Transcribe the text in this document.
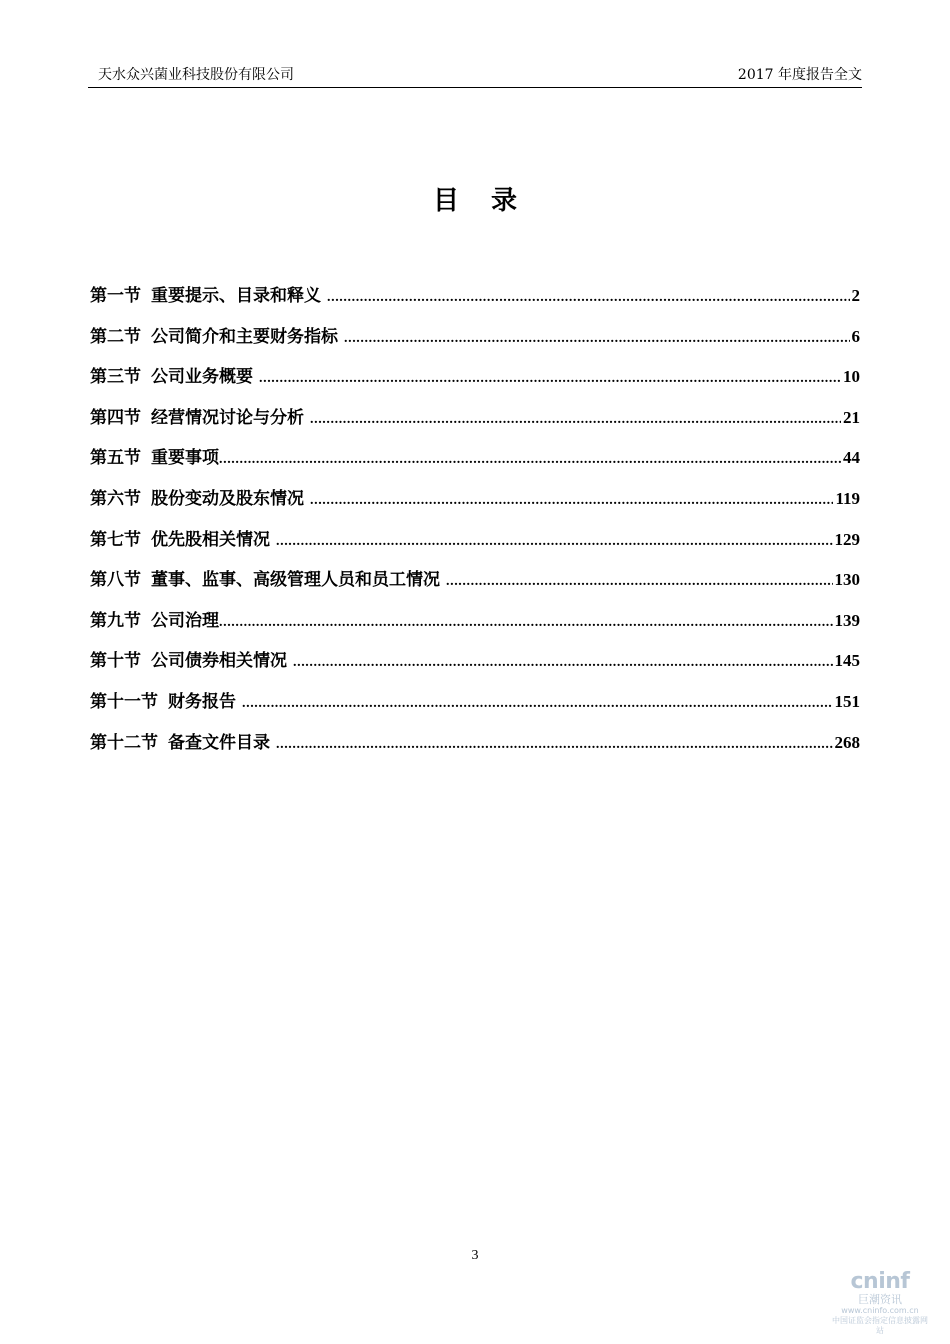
天水众兴菌业科技股份有限公司	2017 年度报告全文
目录
第一节 重要提示、目录和释义 .....	2
第二节 公司简介和主要财务指标 .....	6
第三节 公司业务概要 .....	10
第四节 经营情况讨论与分析 .....	21
第五节 重要事项 .....	44
第六节 股份变动及股东情况 .....	119
第七节 优先股相关情况 .....	129
第八节 董事、监事、高级管理人员和员工情况 .....	130
第九节 公司治理 .....	139
第十节 公司债券相关情况 .....	145
第十一节 财务报告 .....	151
第十二节 备查文件目录 .....	268
3
cninf
巨潮资讯
www.cninfo.com.cn
中国证监会指定信息披露网站
